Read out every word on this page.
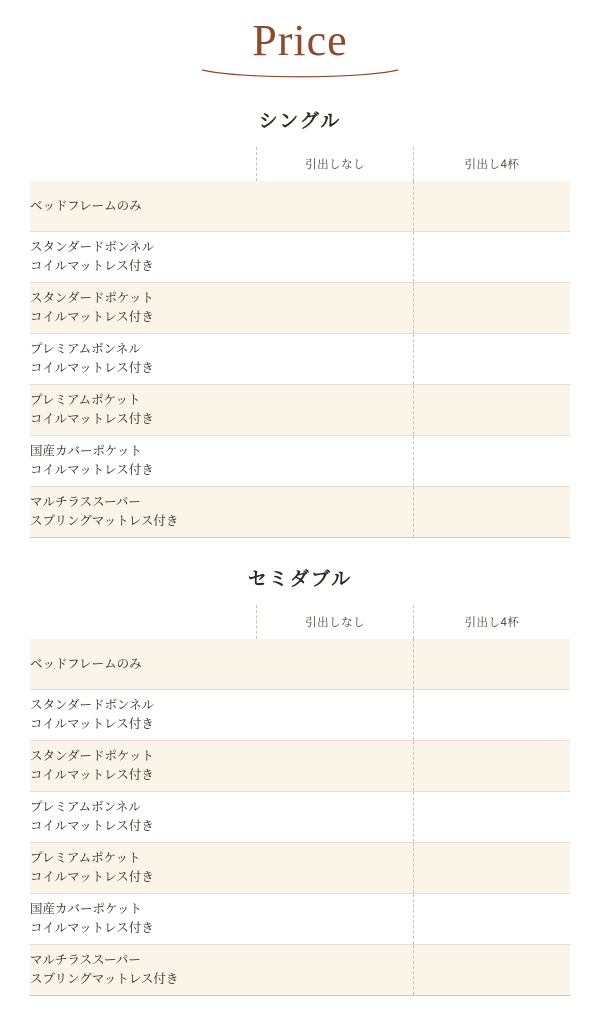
Price
シングル
	引出しなし	引出し4杯

ベッドフレームのみ		

スタンダードボンネル
コイルマットレス付き		

スタンダードポケット
コイルマットレス付き		

プレミアムボンネル
コイルマットレス付き		

プレミアムポケット
コイルマットレス付き		

国産カバーポケット
コイルマットレス付き		

マルチラススーパー
スプリングマットレス付き		

セミダブル
	引出しなし	引出し4杯

ベッドフレームのみ		

スタンダードボンネル
コイルマットレス付き		

スタンダードポケット
コイルマットレス付き		

プレミアムボンネル
コイルマットレス付き		

プレミアムポケット
コイルマットレス付き		

国産カバーポケット
コイルマットレス付き		

マルチラススーパー
スプリングマットレス付き		
